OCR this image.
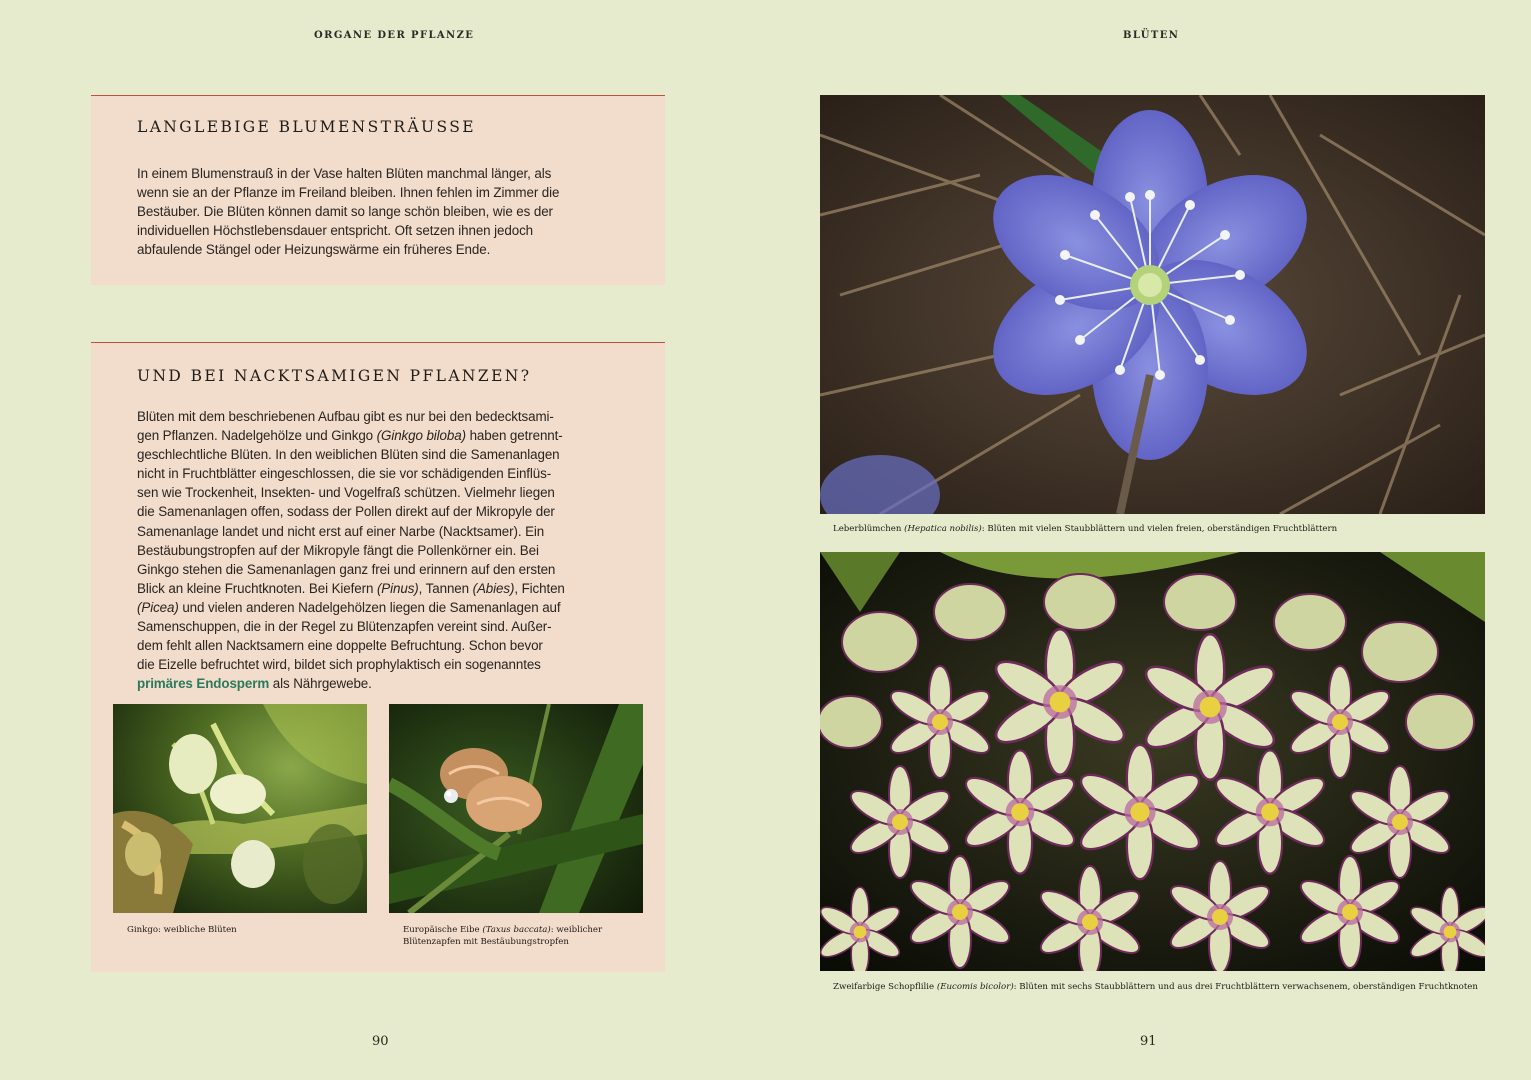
ORGANE DER PFLANZE	BLÜTEN
LANGLEBIGE BLUMENSTRÄUSSE

In einem Blumenstrauß in der Vase halten Blüten manchmal länger, als
wenn sie an der Pflanze im Freiland bleiben. Ihnen fehlen im Zimmer die
Bestäuber. Die Blüten können damit so lange schön bleiben, wie es der
individuellen Höchstlebensdauer entspricht. Oft setzen ihnen jedoch
abfaulende Stängel oder Heizungswärme ein früheres Ende.

UND BEI NACKTSAMIGEN PFLANZEN?

Blüten mit dem beschriebenen Aufbau gibt es nur bei den bedecktsami-
gen Pflanzen. Nadelgehölze und Ginkgo (Ginkgo biloba) haben getrennt-
geschlechtliche Blüten. In den weiblichen Blüten sind die Samenanlagen
nicht in Fruchtblätter eingeschlossen, die sie vor schädigenden Einflüs-
sen wie Trockenheit, Insekten- und Vogelfraß schützen. Vielmehr liegen
die Samenanlagen offen, sodass der Pollen direkt auf der Mikropyle der
Samenanlage landet und nicht erst auf einer Narbe (Nacktsamer). Ein
Bestäubungstropfen auf der Mikropyle fängt die Pollenkörner ein. Bei
Ginkgo stehen die Samenanlagen ganz frei und erinnern auf den ersten
Blick an kleine Fruchtknoten. Bei Kiefern (Pinus), Tannen (Abies), Fichten
(Picea) und vielen anderen Nadelgehölzen liegen die Samenanlagen auf
Samenschuppen, die in der Regel zu Blütenzapfen vereint sind. Außer-
dem fehlt allen Nacktsamern eine doppelte Befruchtung. Schon bevor
die Eizelle befruchtet wird, bildet sich prophylaktisch ein sogenanntes
primäres Endosperm als Nährgewebe.

Ginkgo: weibliche Blüten	Europäische Eibe (Taxus baccata): weiblicher
Blütenzapfen mit Bestäubungstropfen
Leberblümchen (Hepatica nobilis): Blüten mit vielen Staubblättern und vielen freien, oberständigen Fruchtblättern
Zweifarbige Schopflilie (Eucomis bicolor): Blüten mit sechs Staubblättern und aus drei Fruchtblättern verwachsenem, oberständigen Fruchtknoten
90	91
